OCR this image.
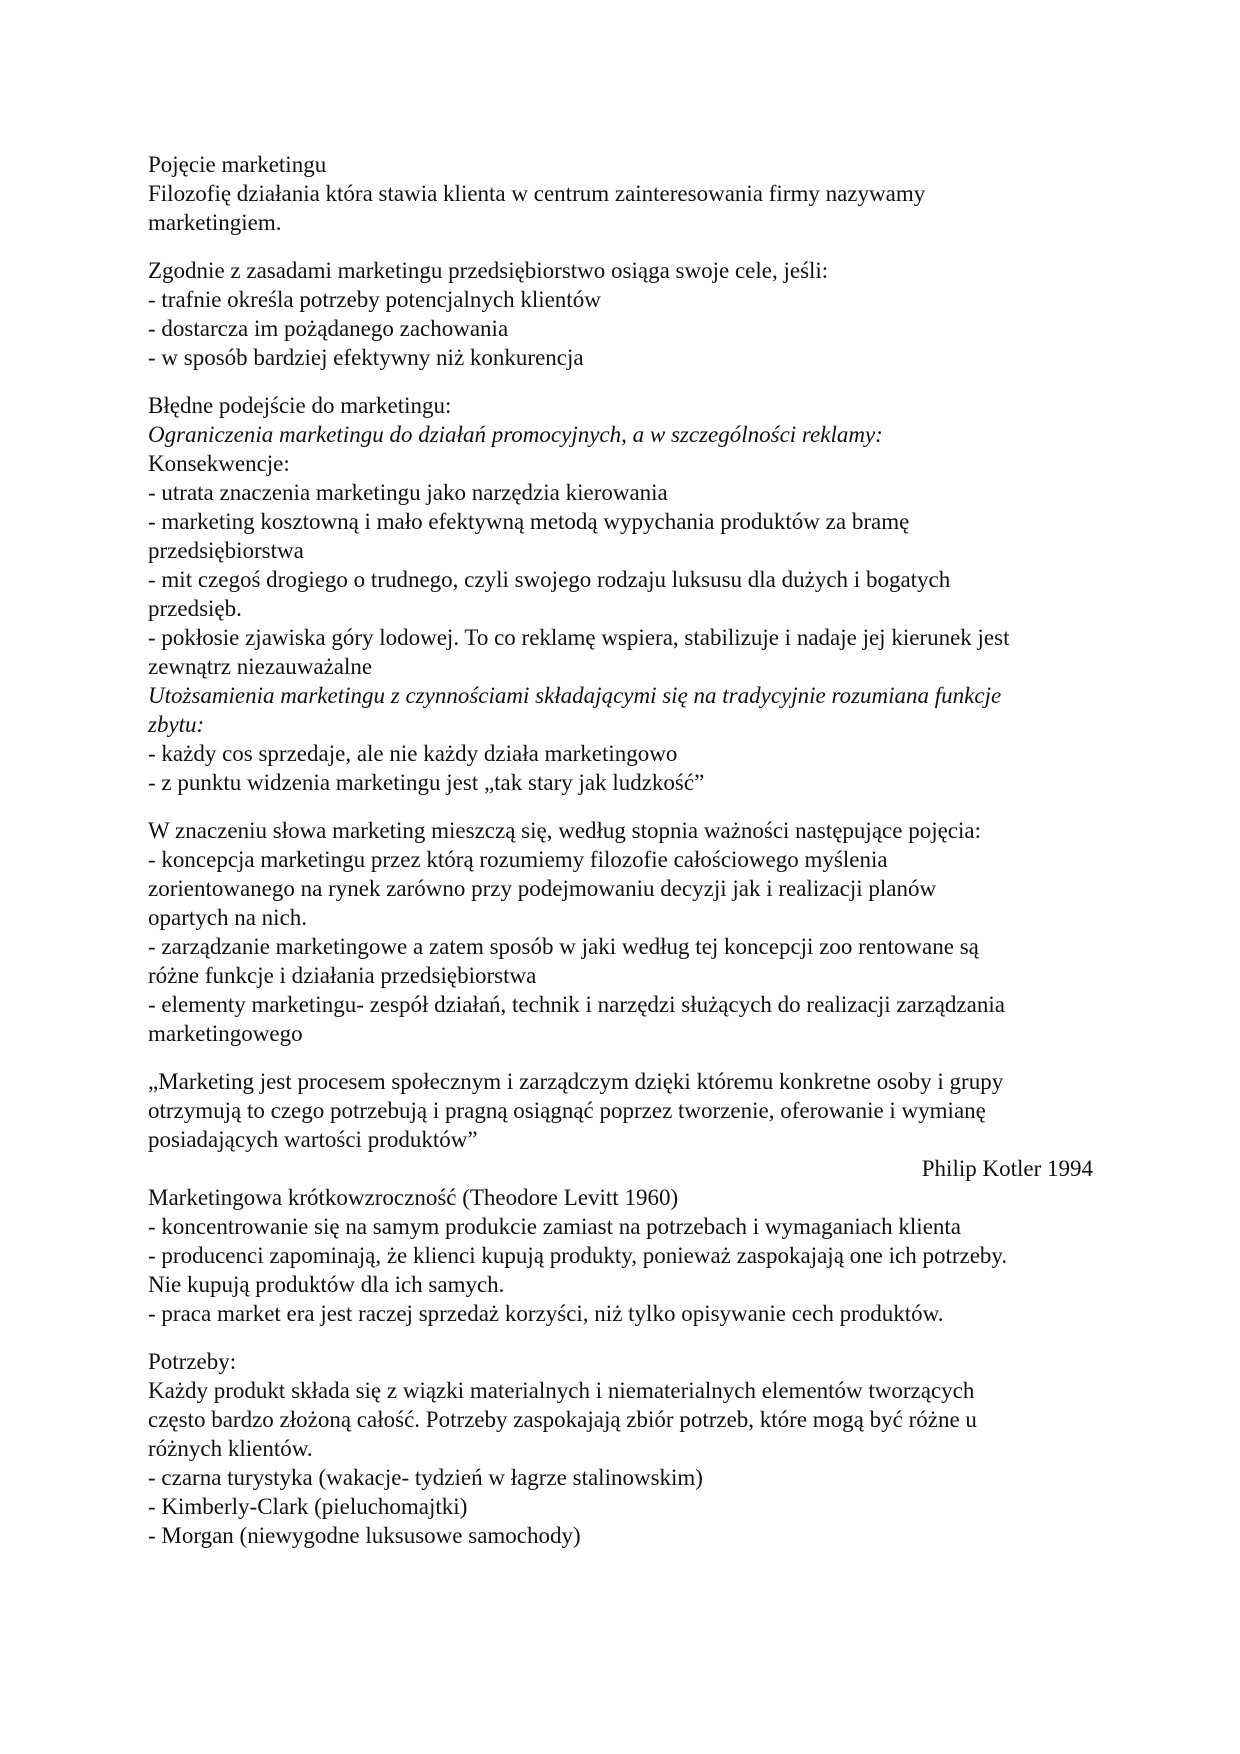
Pojęcie marketingu
Filozofię działania która stawia klienta w centrum zainteresowania firmy nazywamy
marketingiem.
Zgodnie z zasadami marketingu przedsiębiorstwo osiąga swoje cele, jeśli:
- trafnie określa potrzeby potencjalnych klientów
- dostarcza im pożądanego zachowania
- w sposób bardziej efektywny niż konkurencja
Błędne podejście do marketingu:
Ograniczenia marketingu do działań promocyjnych, a w szczególności reklamy:
Konsekwencje:
- utrata znaczenia marketingu jako narzędzia kierowania
- marketing kosztowną i mało efektywną metodą wypychania produktów za bramę
przedsiębiorstwa
- mit czegoś drogiego o trudnego, czyli swojego rodzaju luksusu dla dużych i bogatych
przedsięb.
- pokłosie zjawiska góry lodowej. To co reklamę wspiera, stabilizuje i nadaje jej kierunek jest
zewnątrz niezauważalne
Utożsamienia marketingu z czynnościami składającymi się na tradycyjnie rozumiana funkcje
zbytu:
- każdy cos sprzedaje, ale nie każdy działa marketingowo
- z punktu widzenia marketingu jest „tak stary jak ludzkość”
W znaczeniu słowa marketing mieszczą się, według stopnia ważności następujące pojęcia:
- koncepcja marketingu przez którą rozumiemy filozofie całościowego myślenia
zorientowanego na rynek zarówno przy podejmowaniu decyzji jak i realizacji planów
opartych na nich.
- zarządzanie marketingowe a zatem sposób w jaki według tej koncepcji zoo rentowane są
różne funkcje i działania przedsiębiorstwa
- elementy marketingu- zespół działań, technik i narzędzi służących do realizacji zarządzania
marketingowego
„Marketing jest procesem społecznym i zarządczym dzięki któremu konkretne osoby i grupy
otrzymują to czego potrzebują i pragną osiągnąć poprzez tworzenie, oferowanie i wymianę
posiadających wartości produktów”
Philip Kotler 1994
Marketingowa krótkowzroczność (Theodore Levitt 1960)
- koncentrowanie się na samym produkcie zamiast na potrzebach i wymaganiach klienta
- producenci zapominają, że klienci kupują produkty, ponieważ zaspokajają one ich potrzeby.
Nie kupują produktów dla ich samych.
- praca market era jest raczej sprzedaż korzyści, niż tylko opisywanie cech produktów.
Potrzeby:
Każdy produkt składa się z wiązki materialnych i niematerialnych elementów tworzących
często bardzo złożoną całość. Potrzeby zaspokajają zbiór potrzeb, które mogą być różne u
różnych klientów.
- czarna turystyka (wakacje- tydzień w łagrze stalinowskim)
- Kimberly-Clark (pieluchomajtki)
- Morgan (niewygodne luksusowe samochody)
